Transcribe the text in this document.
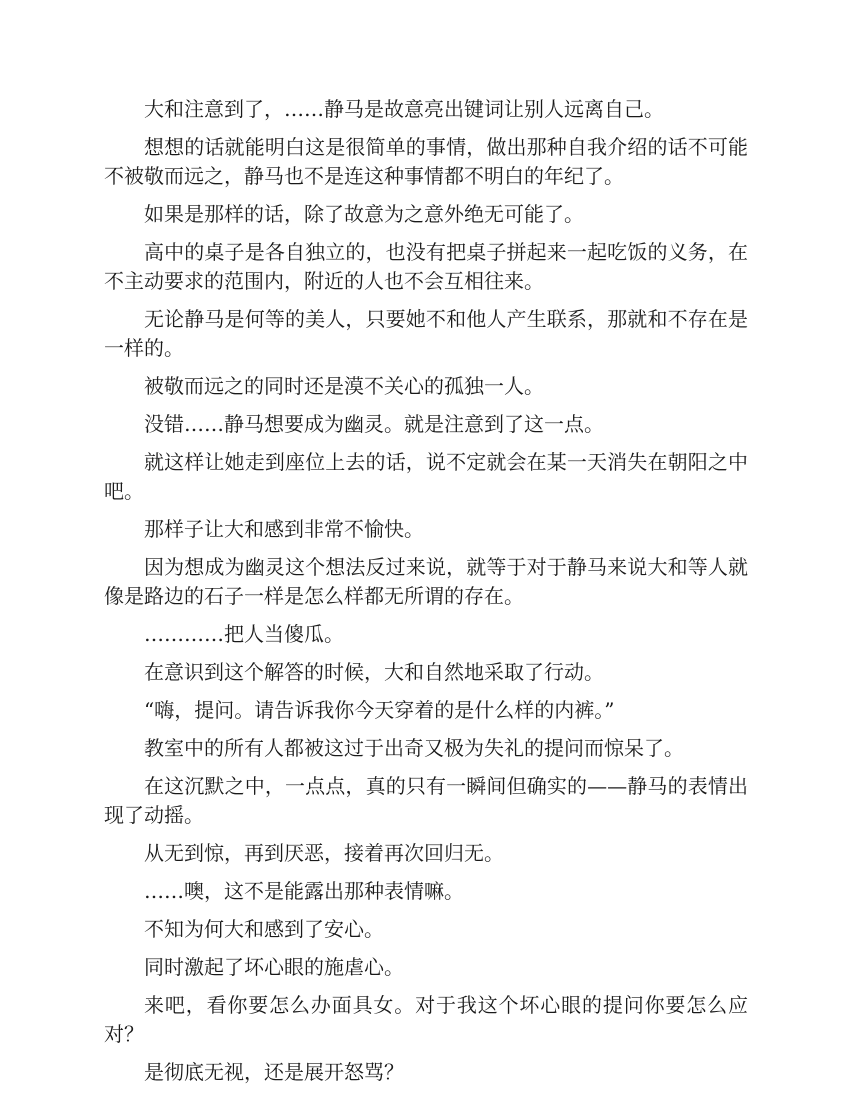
大和注意到了，……静马是故意亮出键词让别人远离自己。

想想的话就能明白这是很简单的事情，做出那种自我介绍的话不可能不被敬而远之，静马也不是连这种事情都不明白的年纪了。

如果是那样的话，除了故意为之意外绝无可能了。

高中的桌子是各自独立的，也没有把桌子拼起来一起吃饭的义务，在不主动要求的范围内，附近的人也不会互相往来。

无论静马是何等的美人，只要她不和他人产生联系，那就和不存在是一样的。

被敬而远之的同时还是漠不关心的孤独一人。

没错……静马想要成为幽灵。就是注意到了这一点。

就这样让她走到座位上去的话，说不定就会在某一天消失在朝阳之中吧。

那样子让大和感到非常不愉快。

因为想成为幽灵这个想法反过来说，就等于对于静马来说大和等人就像是路边的石子一样是怎么样都无所谓的存在。

…………把人当傻瓜。

在意识到这个解答的时候，大和自然地采取了行动。

“嗨，提问。请告诉我你今天穿着的是什么样的内裤。”

教室中的所有人都被这过于出奇又极为失礼的提问而惊呆了。

在这沉默之中，一点点，真的只有一瞬间但确实的——静马的表情出现了动摇。

从无到惊，再到厌恶，接着再次回归无。

……噢，这不是能露出那种表情嘛。

不知为何大和感到了安心。

同时激起了坏心眼的施虐心。

来吧，看你要怎么办面具女。对于我这个坏心眼的提问你要怎么应对？

是彻底无视，还是展开怒骂？
